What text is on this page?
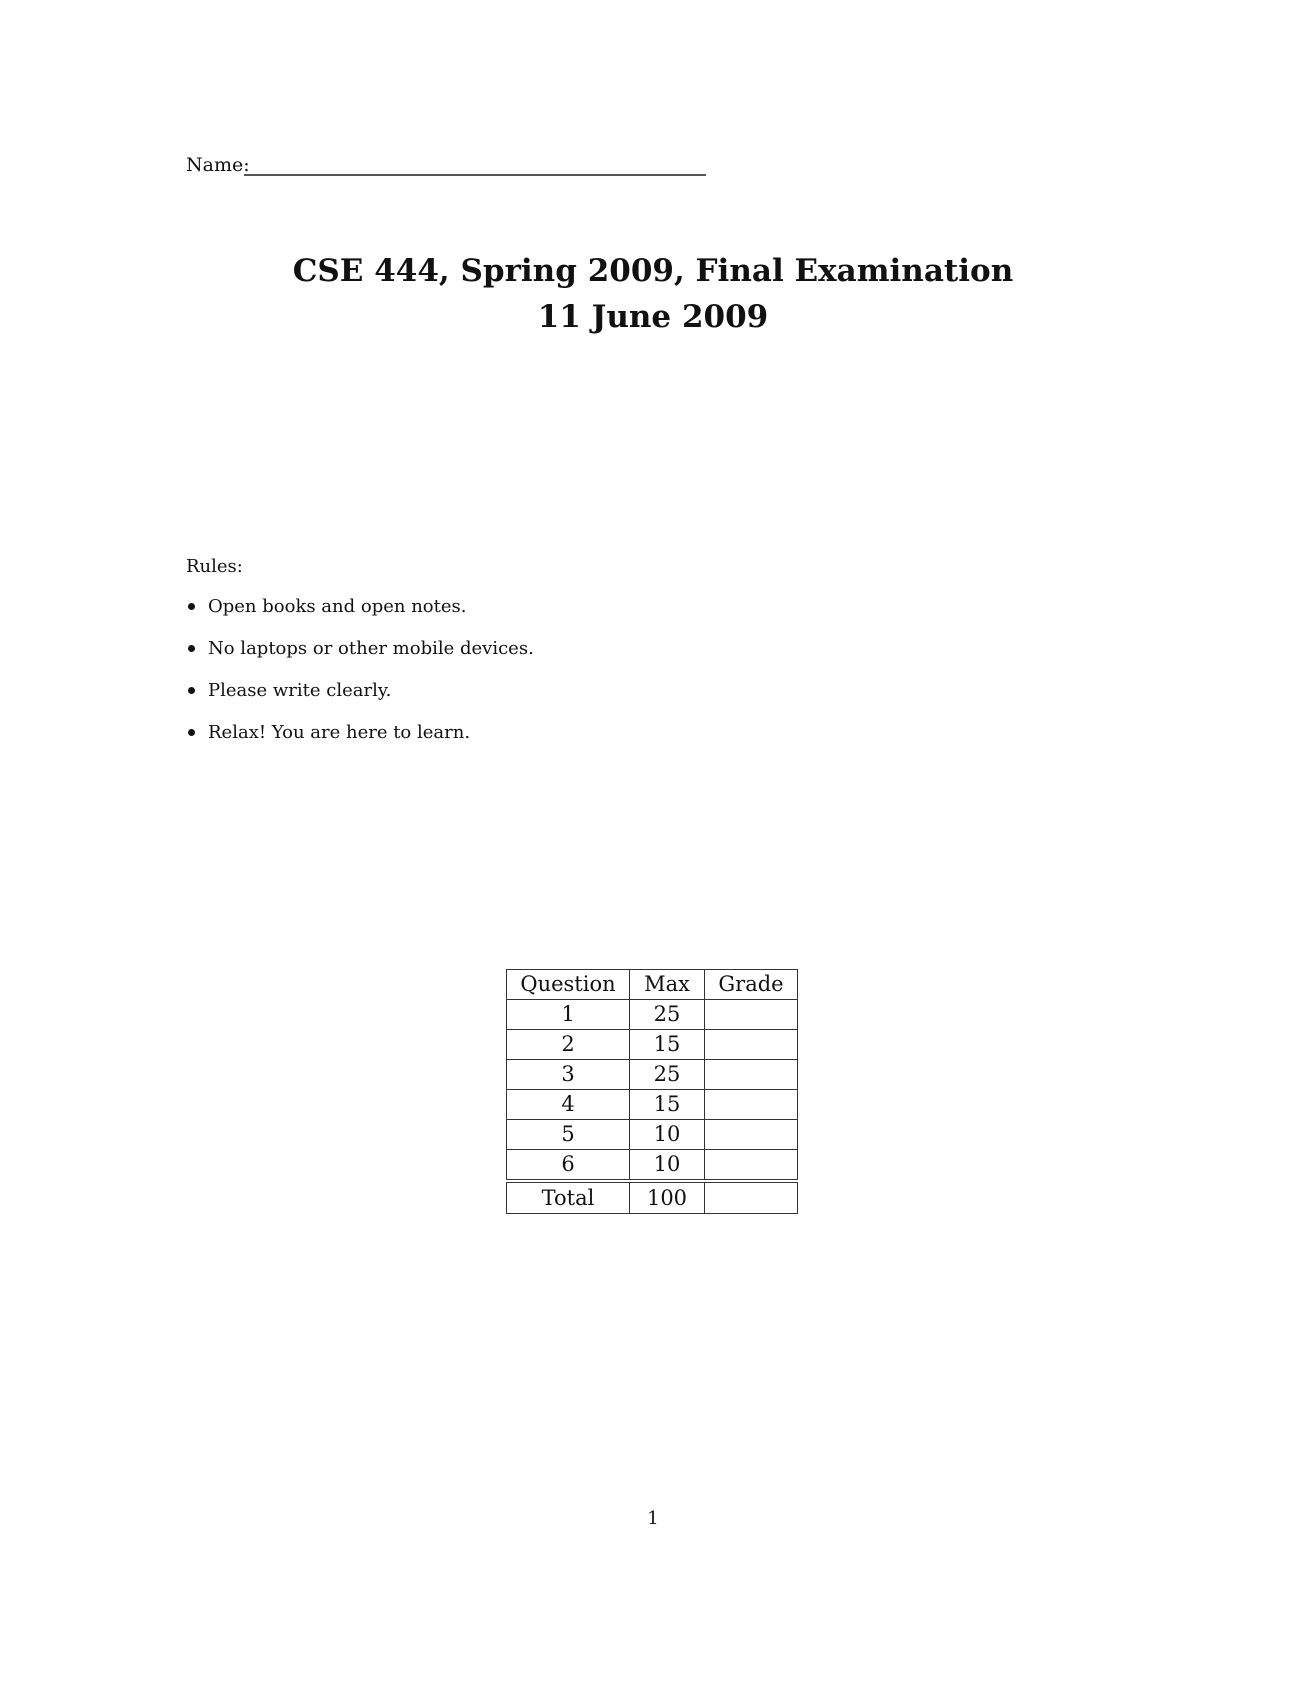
Name:
CSE 444, Spring 2009, Final Examination
11 June 2009
Rules:
Open books and open notes.
No laptops or other mobile devices.
Please write clearly.
Relax! You are here to learn.
Question	Max	Grade
1	25	
2	15	
3	25	
4	15	
5	10	
6	10	

Total	100	
1
